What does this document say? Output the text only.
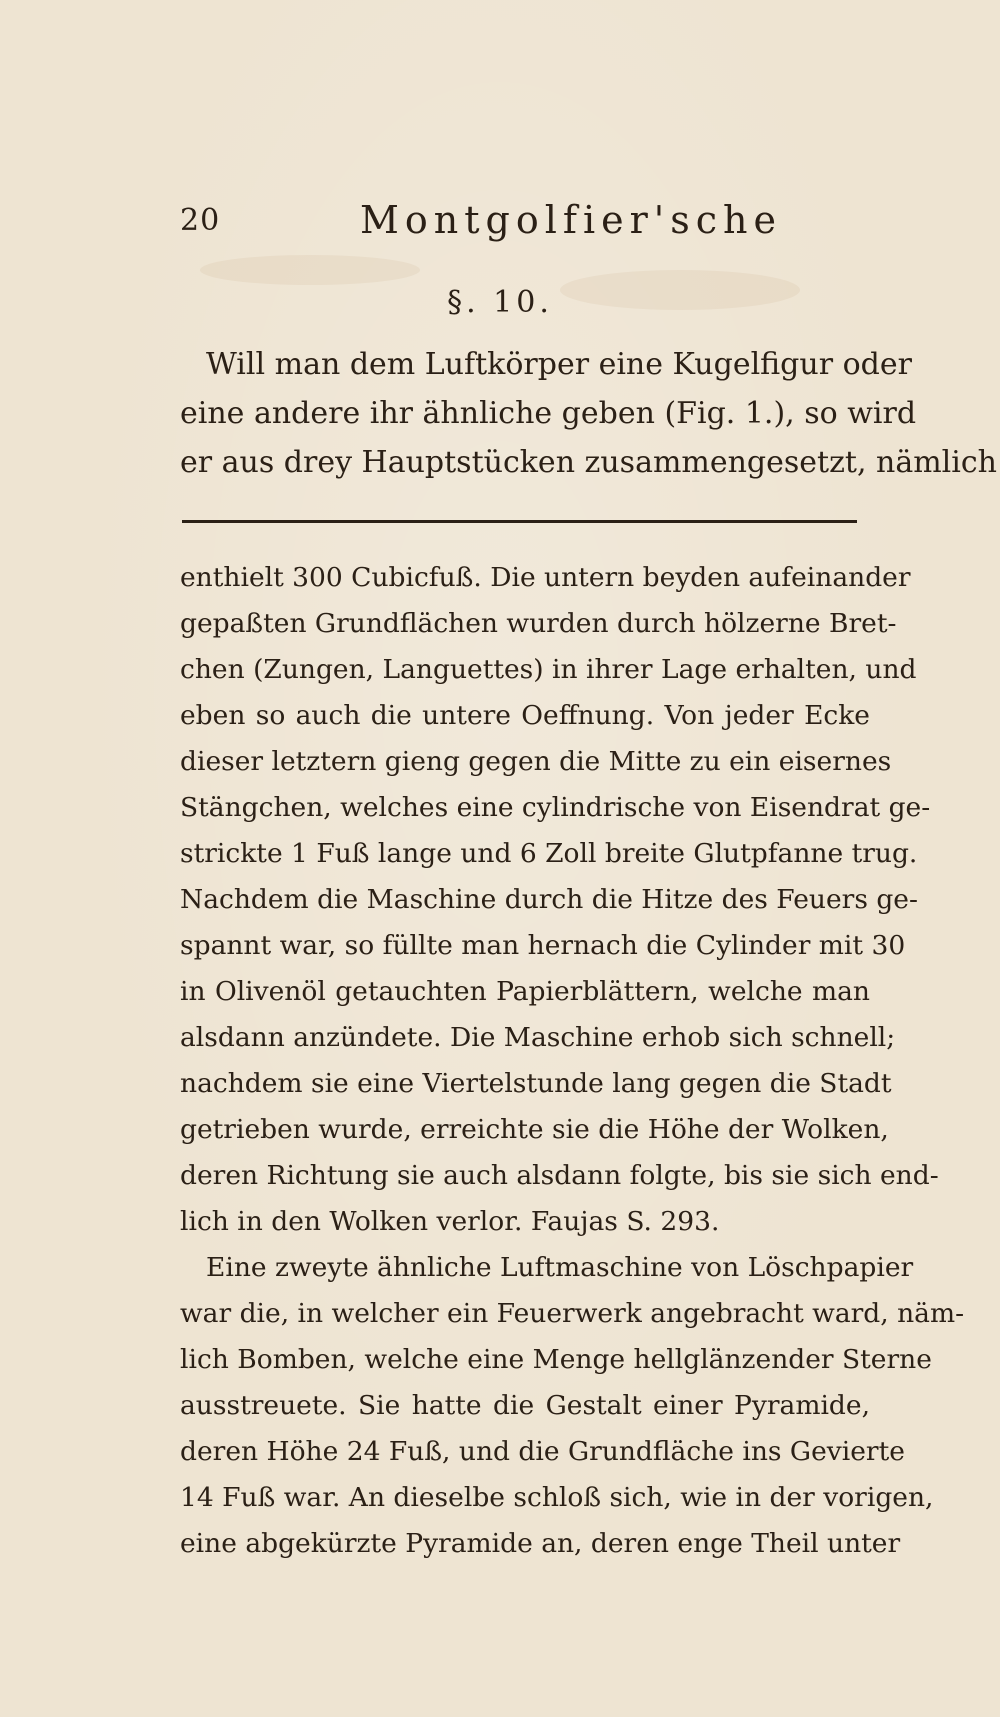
20	Montgolfier'sche
§. 10.
Will man dem Luftkörper eine Kugelfigur oder
eine andere ihr ähnliche geben (Fig. 1.), so wird
er aus drey Hauptstücken zusammengesetzt, nämlich
enthielt 300 Cubicfuß. Die untern beyden aufeinander
gepaßten Grundflächen wurden durch hölzerne Bret-
chen (Zungen, Languettes) in ihrer Lage erhalten, und
eben so auch die untere Oeffnung. Von jeder Ecke
dieser letztern gieng gegen die Mitte zu ein eisernes
Stängchen, welches eine cylindrische von Eisendrat ge-
strickte 1 Fuß lange und 6 Zoll breite Glutpfanne trug.
Nachdem die Maschine durch die Hitze des Feuers ge-
spannt war, so füllte man hernach die Cylinder mit 30
in Olivenöl getauchten Papierblättern, welche man
alsdann anzündete. Die Maschine erhob sich schnell;
nachdem sie eine Viertelstunde lang gegen die Stadt
getrieben wurde, erreichte sie die Höhe der Wolken,
deren Richtung sie auch alsdann folgte, bis sie sich end-
lich in den Wolken verlor. Faujas S. 293.
Eine zweyte ähnliche Luftmaschine von Löschpapier
war die, in welcher ein Feuerwerk angebracht ward, näm-
lich Bomben, welche eine Menge hellglänzender Sterne
ausstreuete. Sie hatte die Gestalt einer Pyramide,
deren Höhe 24 Fuß, und die Grundfläche ins Gevierte
14 Fuß war. An dieselbe schloß sich, wie in der vorigen,
eine abgekürzte Pyramide an, deren enge Theil unter
